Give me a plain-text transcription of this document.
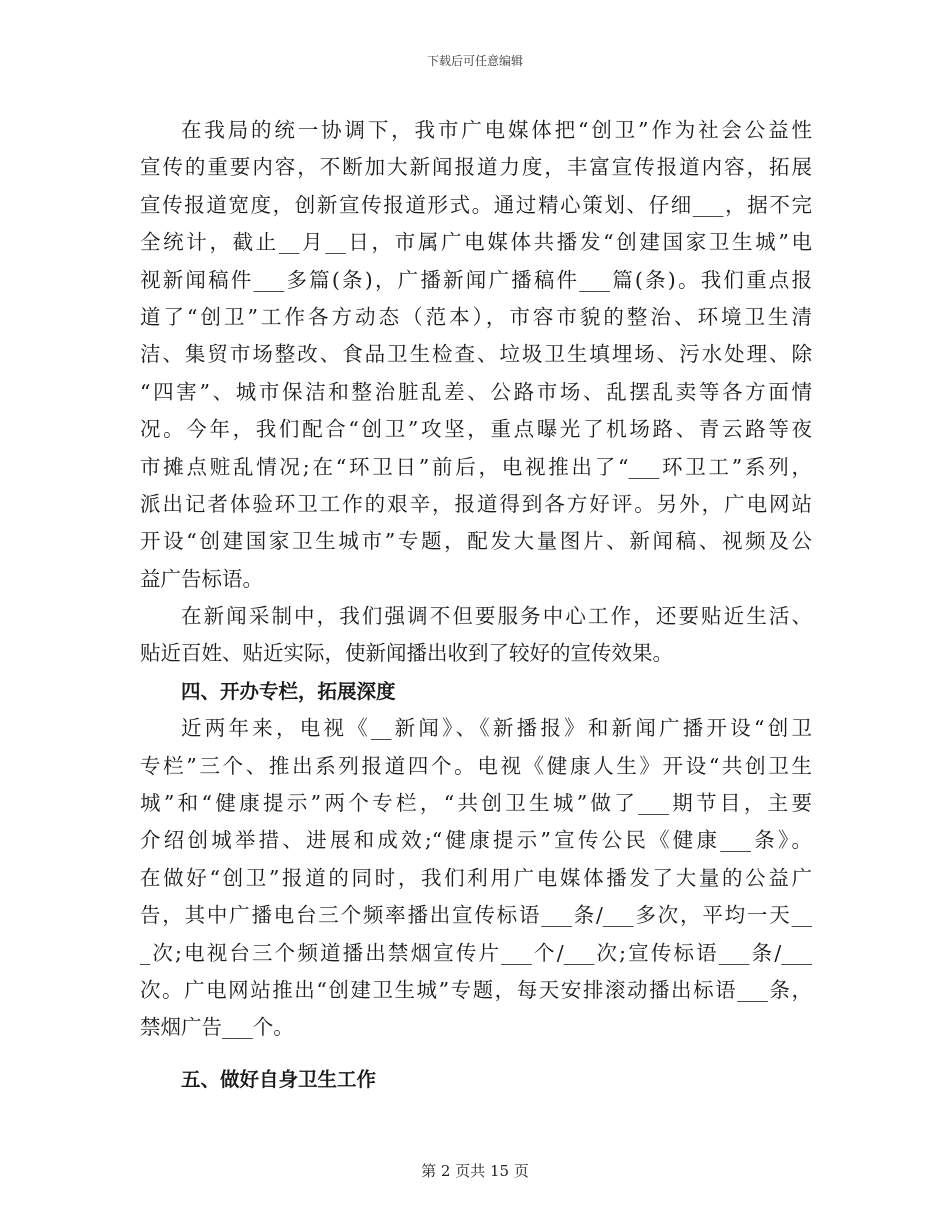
下载后可任意编辑
在我局的统一协调下，我市广电媒体把“创卫”作为社会公益性
宣传的重要内容，不断加大新闻报道力度，丰富宣传报道内容，拓展
宣传报道宽度，创新宣传报道形式。通过精心策划、仔细___，据不完
全统计，截止__月__日，市属广电媒体共播发“创建国家卫生城”电
视新闻稿件___多篇(条)，广播新闻广播稿件___篇(条)。我们重点报
道了“创卫”工作各方动态（范本），市容市貌的整治、环境卫生清
洁、集贸市场整改、食品卫生检查、垃圾卫生填埋场、污水处理、除
“四害”、城市保洁和整治脏乱差、公路市场、乱摆乱卖等各方面情
况。今年，我们配合“创卫”攻坚，重点曝光了机场路、青云路等夜
市摊点赃乱情况;在“环卫日”前后，电视推出了“___环卫工”系列，
派出记者体验环卫工作的艰辛，报道得到各方好评。另外，广电网站
开设“创建国家卫生城市”专题，配发大量图片、新闻稿、视频及公
益广告标语。
在新闻采制中，我们强调不但要服务中心工作，还要贴近生活、
贴近百姓、贴近实际，使新闻播出收到了较好的宣传效果。
四、开办专栏，拓展深度
近两年来，电视《__新闻》、《新播报》和新闻广播开设“创卫
专栏”三个、推出系列报道四个。电视《健康人生》开设“共创卫生
城”和“健康提示”两个专栏，“共创卫生城”做了___期节目，主要
介绍创城举措、进展和成效;“健康提示”宣传公民《健康___条》。
在做好“创卫”报道的同时，我们利用广电媒体播发了大量的公益广
告，其中广播电台三个频率播出宣传标语___条/___多次，平均一天__
_次;电视台三个频道播出禁烟宣传片___个/___次;宣传标语___条/___
次。广电网站推出“创建卫生城”专题，每天安排滚动播出标语___条，
禁烟广告___个。
五、做好自身卫生工作
第 2 页共 15 页
